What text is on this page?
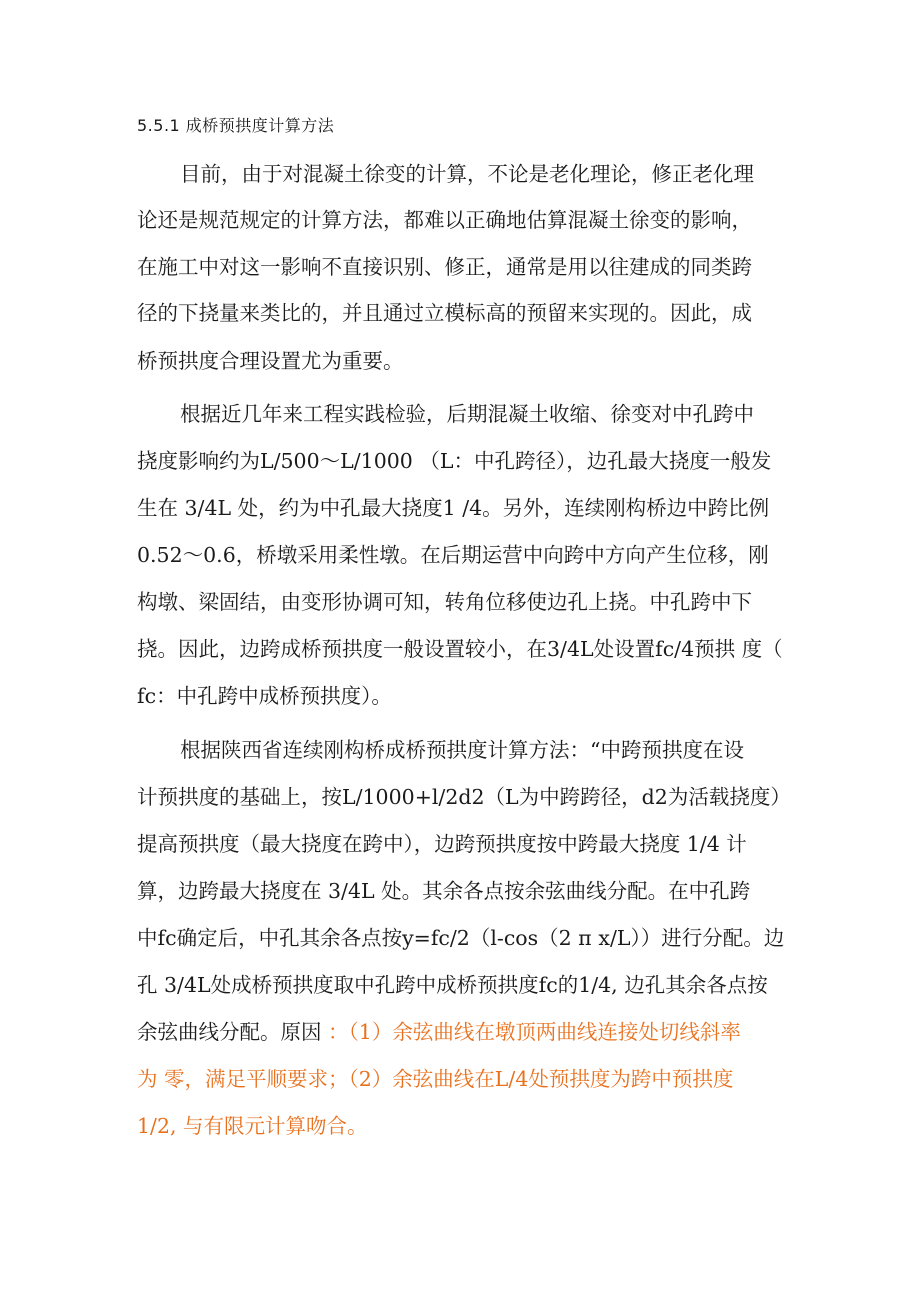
5.5.1 成桥预拱度计算方法
目前，由于对混凝土徐变的计算，不论是老化理论，修正老化理
论还是规范规定的计算方法，都难以正确地估算混凝土徐变的影响，
在施工中对这一影响不直接识别、修正，通常是用以往建成的同类跨
径的下挠量来类比的，并且通过立模标高的预留来实现的。因此，成
桥预拱度合理设置尤为重要。
根据近几年来工程实践检验，后期混凝土收缩、徐变对中孔跨中
挠度影响约为L/500～L/1000 （L：中孔跨径），边孔最大挠度一般发
生在 3/4L 处，约为中孔最大挠度1 /4。另外，连续刚构桥边中跨比例
0.52～0.6，桥墩采用柔性墩。在后期运营中向跨中方向产生位移，刚
构墩、梁固结，由变形协调可知，转角位移使边孔上挠。中孔跨中下
挠。因此，边跨成桥预拱度一般设置较小，在3/4L处设置fc/4预拱 度（
fc：中孔跨中成桥预拱度）。
根据陕西省连续刚构桥成桥预拱度计算方法：“中跨预拱度在设
计预拱度的基础上，按L/1000+l/2d2（L为中跨跨径，d2为活载挠度）
提高预拱度（最大挠度在跨中），边跨预拱度按中跨最大挠度 1/4 计
算，边跨最大挠度在 3/4L 处。其余各点按余弦曲线分配。在中孔跨
中fc确定后，中孔其余各点按y=fc/2（l-cos（2 п x/L））进行分配。边
孔 3/4L处成桥预拱度取中孔跨中成桥预拱度fc的1/4, 边孔其余各点按
余弦曲线分配。原因 ：（1）余弦曲线在墩顶两曲线连接处切线斜率
为 零，满足平顺要求；（2）余弦曲线在L/4处预拱度为跨中预拱度
1/2, 与有限元计算吻合。
